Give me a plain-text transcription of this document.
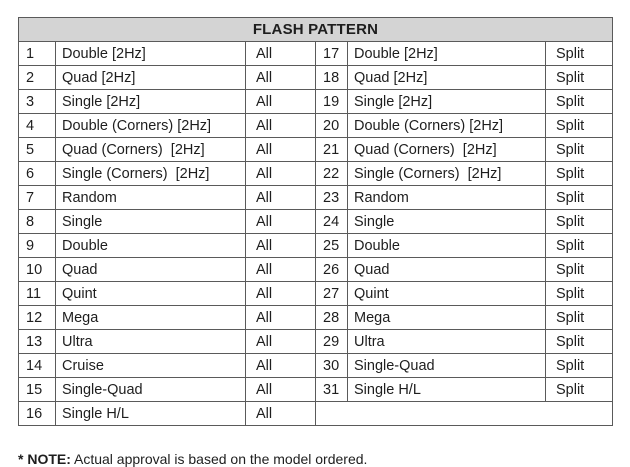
FLASH PATTERN					
1	Double [2Hz]	All	17	Double [2Hz]	Split
2	Quad [2Hz]	All	18	Quad [2Hz]	Split
3	Single [2Hz]	All	19	Single [2Hz]	Split
4	Double (Corners) [2Hz]	All	20	Double (Corners) [2Hz]	Split
5	Quad (Corners)  [2Hz]	All	21	Quad (Corners)  [2Hz]	Split
6	Single (Corners)  [2Hz]	All	22	Single (Corners)  [2Hz]	Split
7	Random	All	23	Random	Split
8	Single	All	24	Single	Split
9	Double	All	25	Double	Split
10	Quad	All	26	Quad	Split
11	Quint	All	27	Quint	Split
12	Mega	All	28	Mega	Split
13	Ultra	All	29	Ultra	Split
14	Cruise	All	30	Single-Quad	Split
15	Single-Quad	All	31	Single H/L	Split
16	Single H/L	All			
* NOTE: Actual approval is based on the model ordered.
